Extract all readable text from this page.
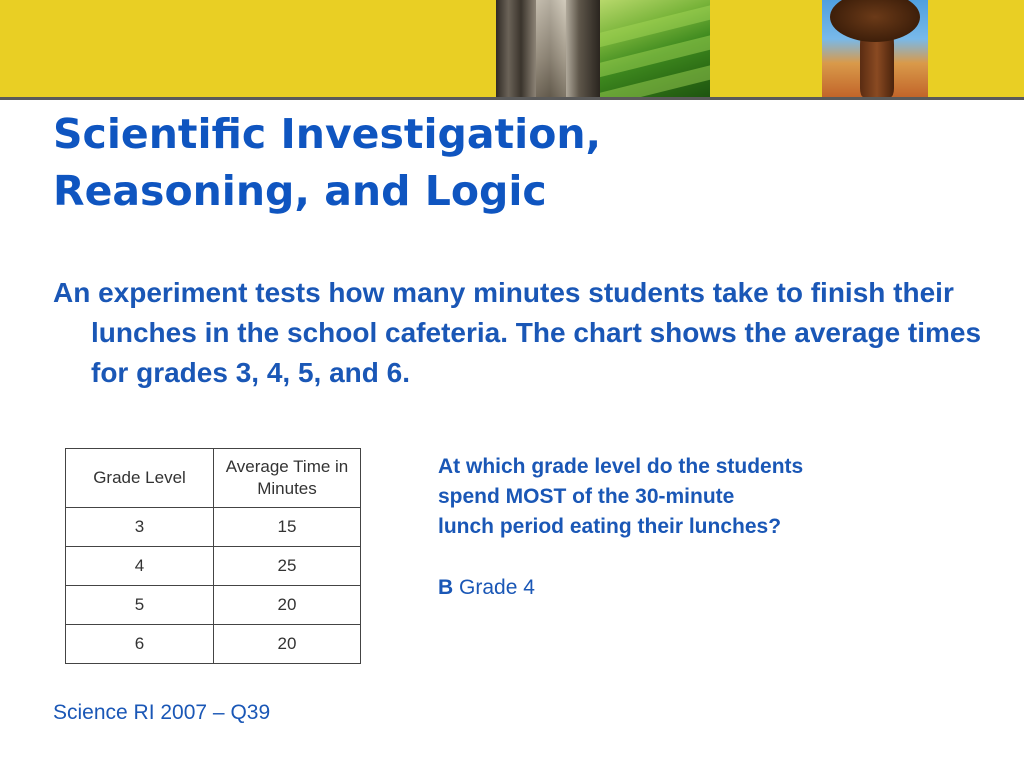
Scientific Investigation,
Reasoning, and Logic

An experiment tests how many minutes students take to finish their lunches in the school cafeteria. The chart shows the average times for grades 3, 4, 5, and 6.

Grade Level	Average Time in Minutes
3	15
4	25
5	20
6	20

At which grade level do the students
spend MOST of the 30-minute
lunch period eating their lunches?

B Grade 4

Science RI 2007 – Q39
